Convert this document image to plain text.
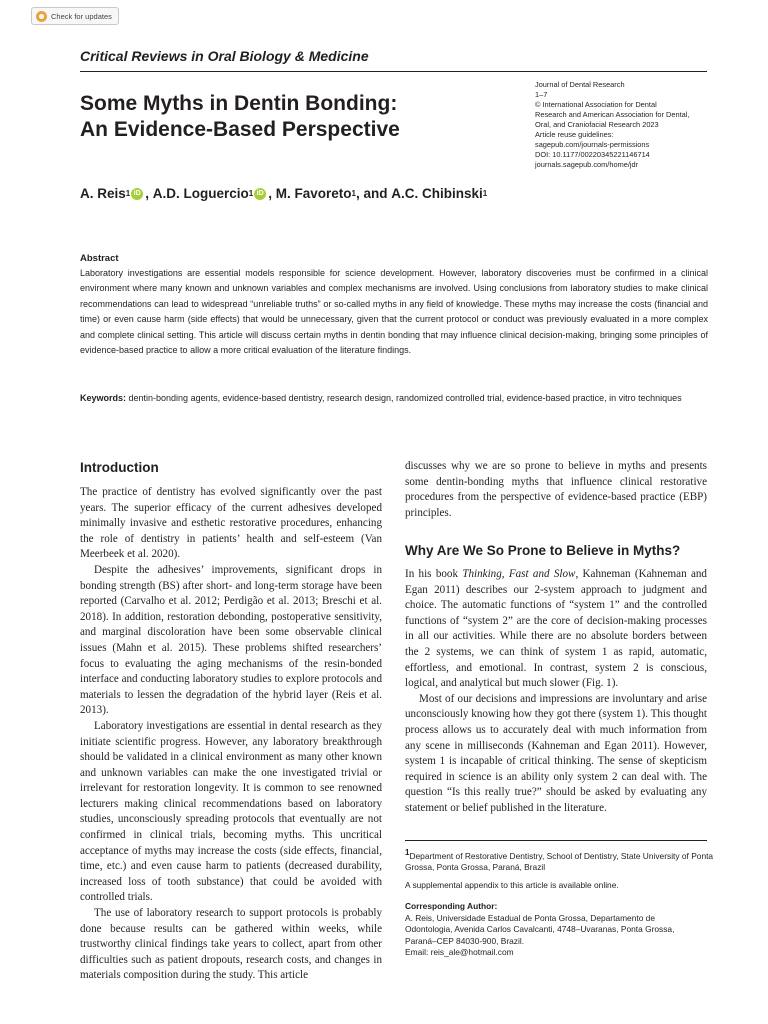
Check for updates
Critical Reviews in Oral Biology & Medicine
Journal of Dental Research
1–7
© International Association for Dental
Research and American Association for Dental,
Oral, and Craniofacial Research 2023
Article reuse guidelines:
sagepub.com/journals-permissions
DOI: 10.1177/00220345221146714
journals.sagepub.com/home/jdr
Some Myths in Dentin Bonding:
An Evidence-Based Perspective
A. Reis 1 iD , A.D. Loguercio 1 iD , M. Favoreto 1 , and A.C. Chibinski 1
Abstract
Laboratory investigations are essential models responsible for science development. However, laboratory discoveries must be confirmed in a clinical environment where many known and unknown variables and complex mechanisms are involved. Using conclusions from laboratory studies to make clinical recommendations can lead to widespread “unreliable truths” or so-called myths in any field of knowledge. These myths may increase the costs (financial and time) or even cause harm (side effects) that would be unnecessary, given that the current protocol or conduct was previously evaluated in a more complex and complete clinical setting. This article will discuss certain myths in dentin bonding that may influence clinical decision-making, bringing some principles of evidence-based practice to allow a more critical evaluation of the literature findings.
Keywords: dentin-bonding agents, evidence-based dentistry, research design, randomized controlled trial, evidence-based practice, in vitro techniques
Introduction

The practice of dentistry has evolved significantly over the past years. The superior efficacy of the current adhesives developed minimally invasive and esthetic restorative procedures, enhancing the role of dentistry in patients’ health and self-esteem (Van Meerbeek et al. 2020).

Despite the adhesives’ improvements, significant drops in bonding strength (BS) after short- and long-term storage have been reported (Carvalho et al. 2012; Perdigão et al. 2013; Breschi et al. 2018). In addition, restoration debonding, postoperative sensitivity, and marginal discoloration have been some observable clinical issues (Mahn et al. 2015). These problems shifted researchers’ focus to evaluating the aging mechanisms of the resin-bonded interface and conducting laboratory studies to explore protocols and materials to lessen the degradation of the hybrid layer (Reis et al. 2013).

Laboratory investigations are essential in dental research as they initiate scientific progress. However, any laboratory breakthrough should be validated in a clinical environment as many other known and unknown variables can make the one investigated trivial or irrelevant for restoration longevity. It is common to see renowned lecturers making clinical recommendations based on laboratory studies, unconsciously spreading protocols that eventually are not confirmed in clinical trials, becoming myths. This uncritical acceptance of myths may increase the costs (side effects, financial, time, etc.) and even cause harm to patients (decreased durability, increased loss of tooth substance) that could be avoided with controlled trials.

The use of laboratory research to support protocols is probably done because results can be gathered within weeks, while trustworthy clinical findings take years to collect, apart from other difficulties such as patient dropouts, research costs, and changes in materials composition during the study. This article

discusses why we are so prone to believe in myths and presents some dentin-bonding myths that influence clinical restorative procedures from the perspective of evidence-based practice (EBP) principles.

Why Are We So Prone to Believe in Myths?

In his book Thinking, Fast and Slow, Kahneman (Kahneman and Egan 2011) describes our 2-system approach to judgment and choice. The automatic functions of “system 1” and the controlled functions of “system 2” are the core of decision-making processes in all our activities. While there are no absolute borders between the 2 systems, we can think of system 1 as rapid, automatic, effortless, and emotional. In contrast, system 2 is conscious, logical, and analytical but much slower (Fig. 1).

Most of our decisions and impressions are involuntary and arise unconsciously knowing how they got there (system 1). This thought process allows us to accurately deal with much information from any scene in milliseconds (Kahneman and Egan 2011). However, system 1 is incapable of critical thinking. The sense of skepticism required in science is an ability only system 2 can deal with. The question “Is this really true?” should be asked by evaluating any statement or belief published in the literature.

1Department of Restorative Dentistry, School of Dentistry, State University of Ponta Grossa, Ponta Grossa, Paraná, Brazil

A supplemental appendix to this article is available online.

Corresponding Author:

A. Reis, Universidade Estadual de Ponta Grossa, Departamento de

Odontologia, Avenida Carlos Cavalcanti, 4748–Uvaranas, Ponta Grossa,

Paraná–CEP 84030-900, Brazil.

Email: reis_ale@hotmail.com
